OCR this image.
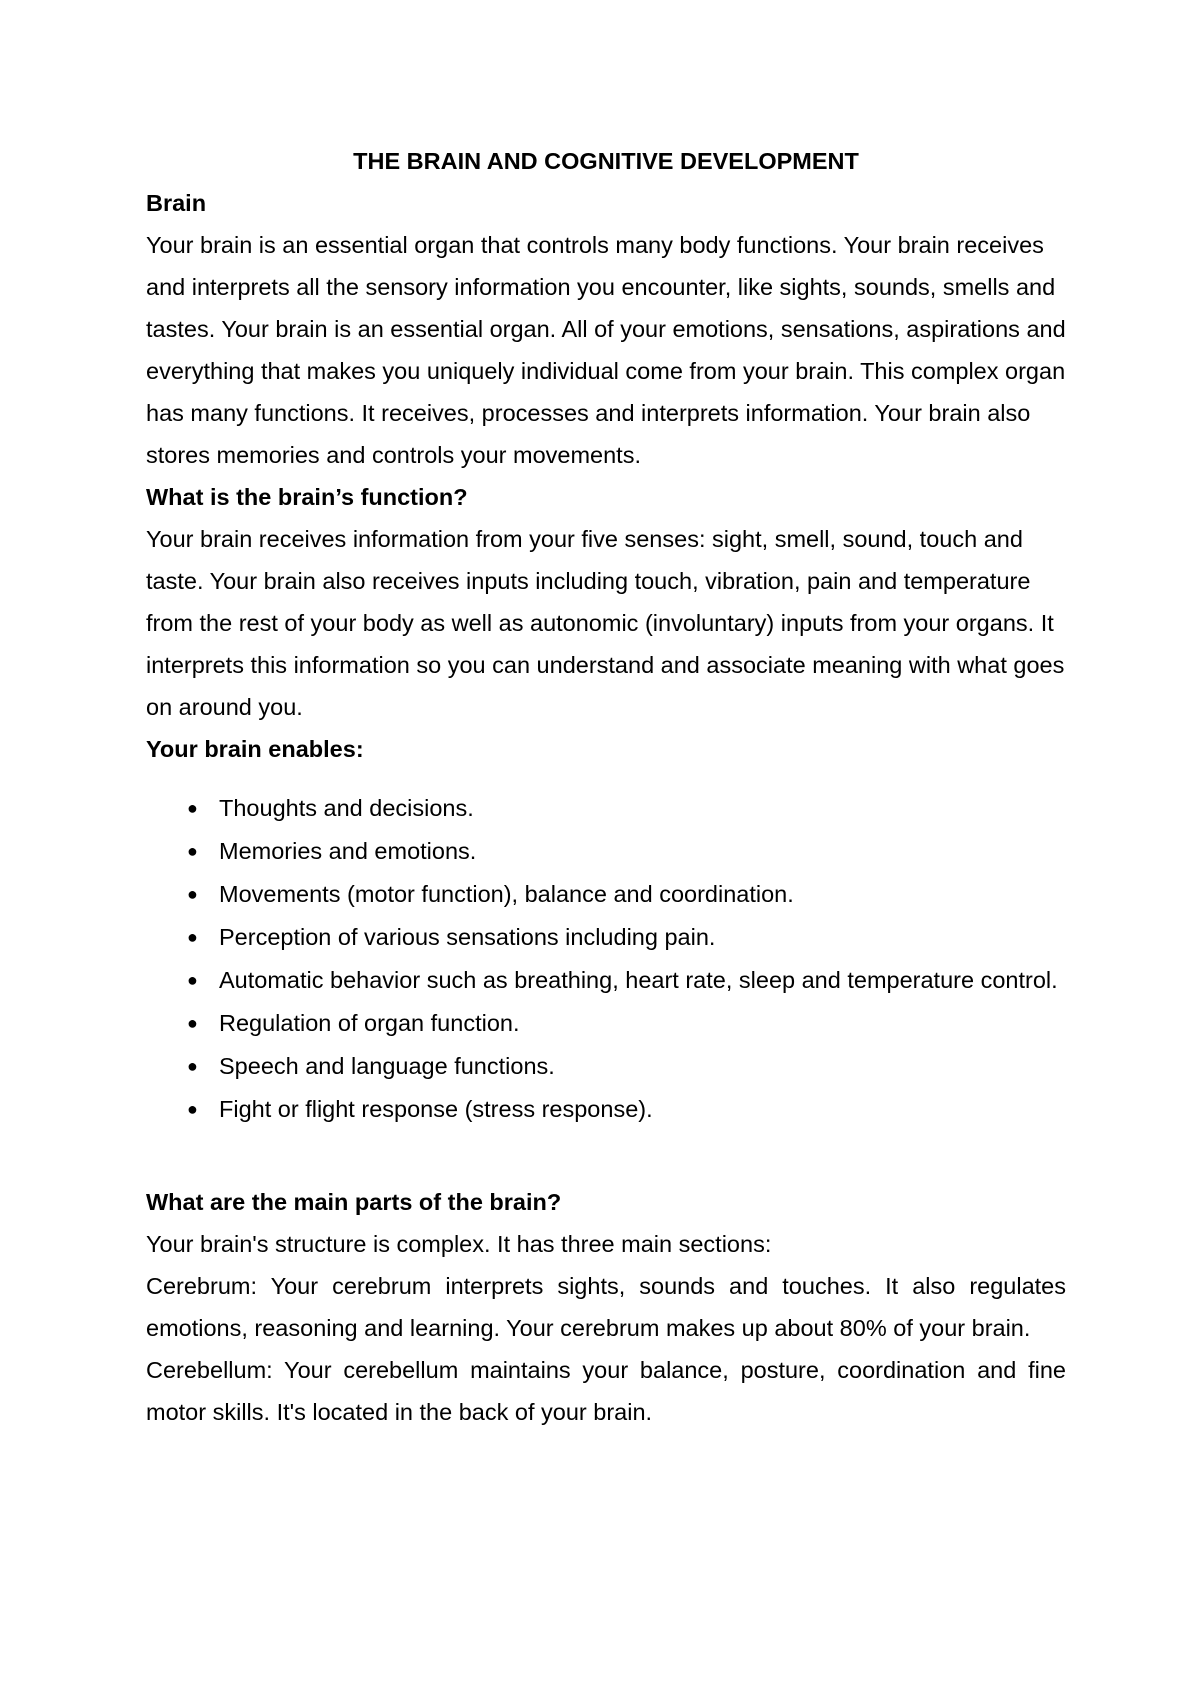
THE BRAIN AND COGNITIVE DEVELOPMENT

Brain

Your brain is an essential organ that controls many body functions. Your brain receives and interprets all the sensory information you encounter, like sights, sounds, smells and tastes. Your brain is an essential organ. All of your emotions, sensations, aspirations and everything that makes you uniquely individual come from your brain. This complex organ has many functions. It receives, processes and interprets information. Your brain also stores memories and controls your movements.

What is the brain’s function?

Your brain receives information from your five senses: sight, smell, sound, touch and taste. Your brain also receives inputs including touch, vibration, pain and temperature from the rest of your body as well as autonomic (involuntary) inputs from your organs. It interprets this information so you can understand and associate meaning with what goes on around you.

Your brain enables:

● Thoughts and decisions.
● Memories and emotions.
● Movements (motor function), balance and coordination.
● Perception of various sensations including pain.
● Automatic behavior such as breathing, heart rate, sleep and temperature control.
● Regulation of organ function.
● Speech and language functions.
● Fight or flight response (stress response).

What are the main parts of the brain?

Your brain's structure is complex. It has three main sections:

Cerebrum: Your cerebrum interprets sights, sounds and touches. It also regulates emotions, reasoning and learning. Your cerebrum makes up about 80% of your brain.

Cerebellum: Your cerebellum maintains your balance, posture, coordination and fine motor skills. It's located in the back of your brain.
